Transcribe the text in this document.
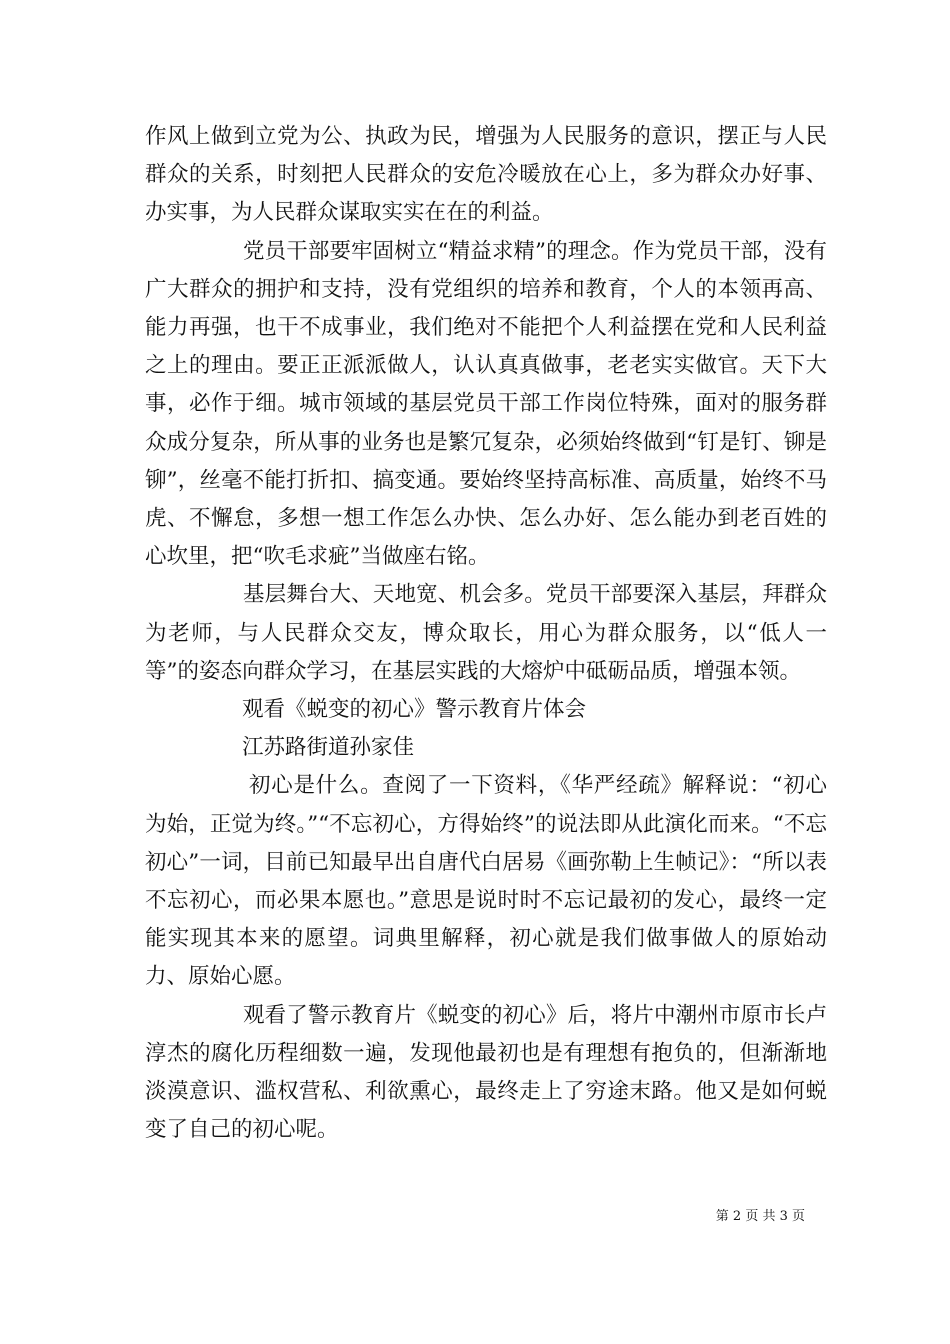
作风上做到立党为公、执政为民，增强为人民服务的意识，摆正与人民群众的关系，时刻把人民群众的安危冷暖放在心上，多为群众办好事、办实事，为人民群众谋取实实在在的利益。

党员干部要牢固树立“精益求精”的理念。作为党员干部，没有广大群众的拥护和支持，没有党组织的培养和教育，个人的本领再高、能力再强，也干不成事业，我们绝对不能把个人利益摆在党和人民利益之上的理由。要正正派派做人，认认真真做事，老老实实做官。天下大事，必作于细。城市领域的基层党员干部工作岗位特殊，面对的服务群众成分复杂，所从事的业务也是繁冗复杂，必须始终做到“钉是钉、铆是铆”，丝毫不能打折扣、搞变通。要始终坚持高标准、高质量，始终不马虎、不懈怠，多想一想工作怎么办快、怎么办好、怎么能办到老百姓的心坎里，把“吹毛求疵”当做座右铭。

基层舞台大、天地宽、机会多。党员干部要深入基层，拜群众为老师，与人民群众交友，博众取长，用心为群众服务，以“低人一等”的姿态向群众学习，在基层实践的大熔炉中砥砺品质，增强本领。

观看《蜕变的初心》警示教育片体会

江苏路街道孙家佳

初心是什么。查阅了一下资料，《华严经疏》解释说：“初心为始，正觉为终。”“不忘初心，方得始终”的说法即从此演化而来。“不忘初心”一词，目前已知最早出自唐代白居易《画弥勒上生帧记》：“所以表不忘初心，而必果本愿也。”意思是说时时不忘记最初的发心，最终一定能实现其本来的愿望。词典里解释，初心就是我们做事做人的原始动力、原始心愿。

观看了警示教育片《蜕变的初心》后，将片中潮州市原市长卢淳杰的腐化历程细数一遍，发现他最初也是有理想有抱负的，但渐渐地淡漠意识、滥权营私、利欲熏心，最终走上了穷途末路。他又是如何蜕变了自己的初心呢。

第 2 页 共 3 页
